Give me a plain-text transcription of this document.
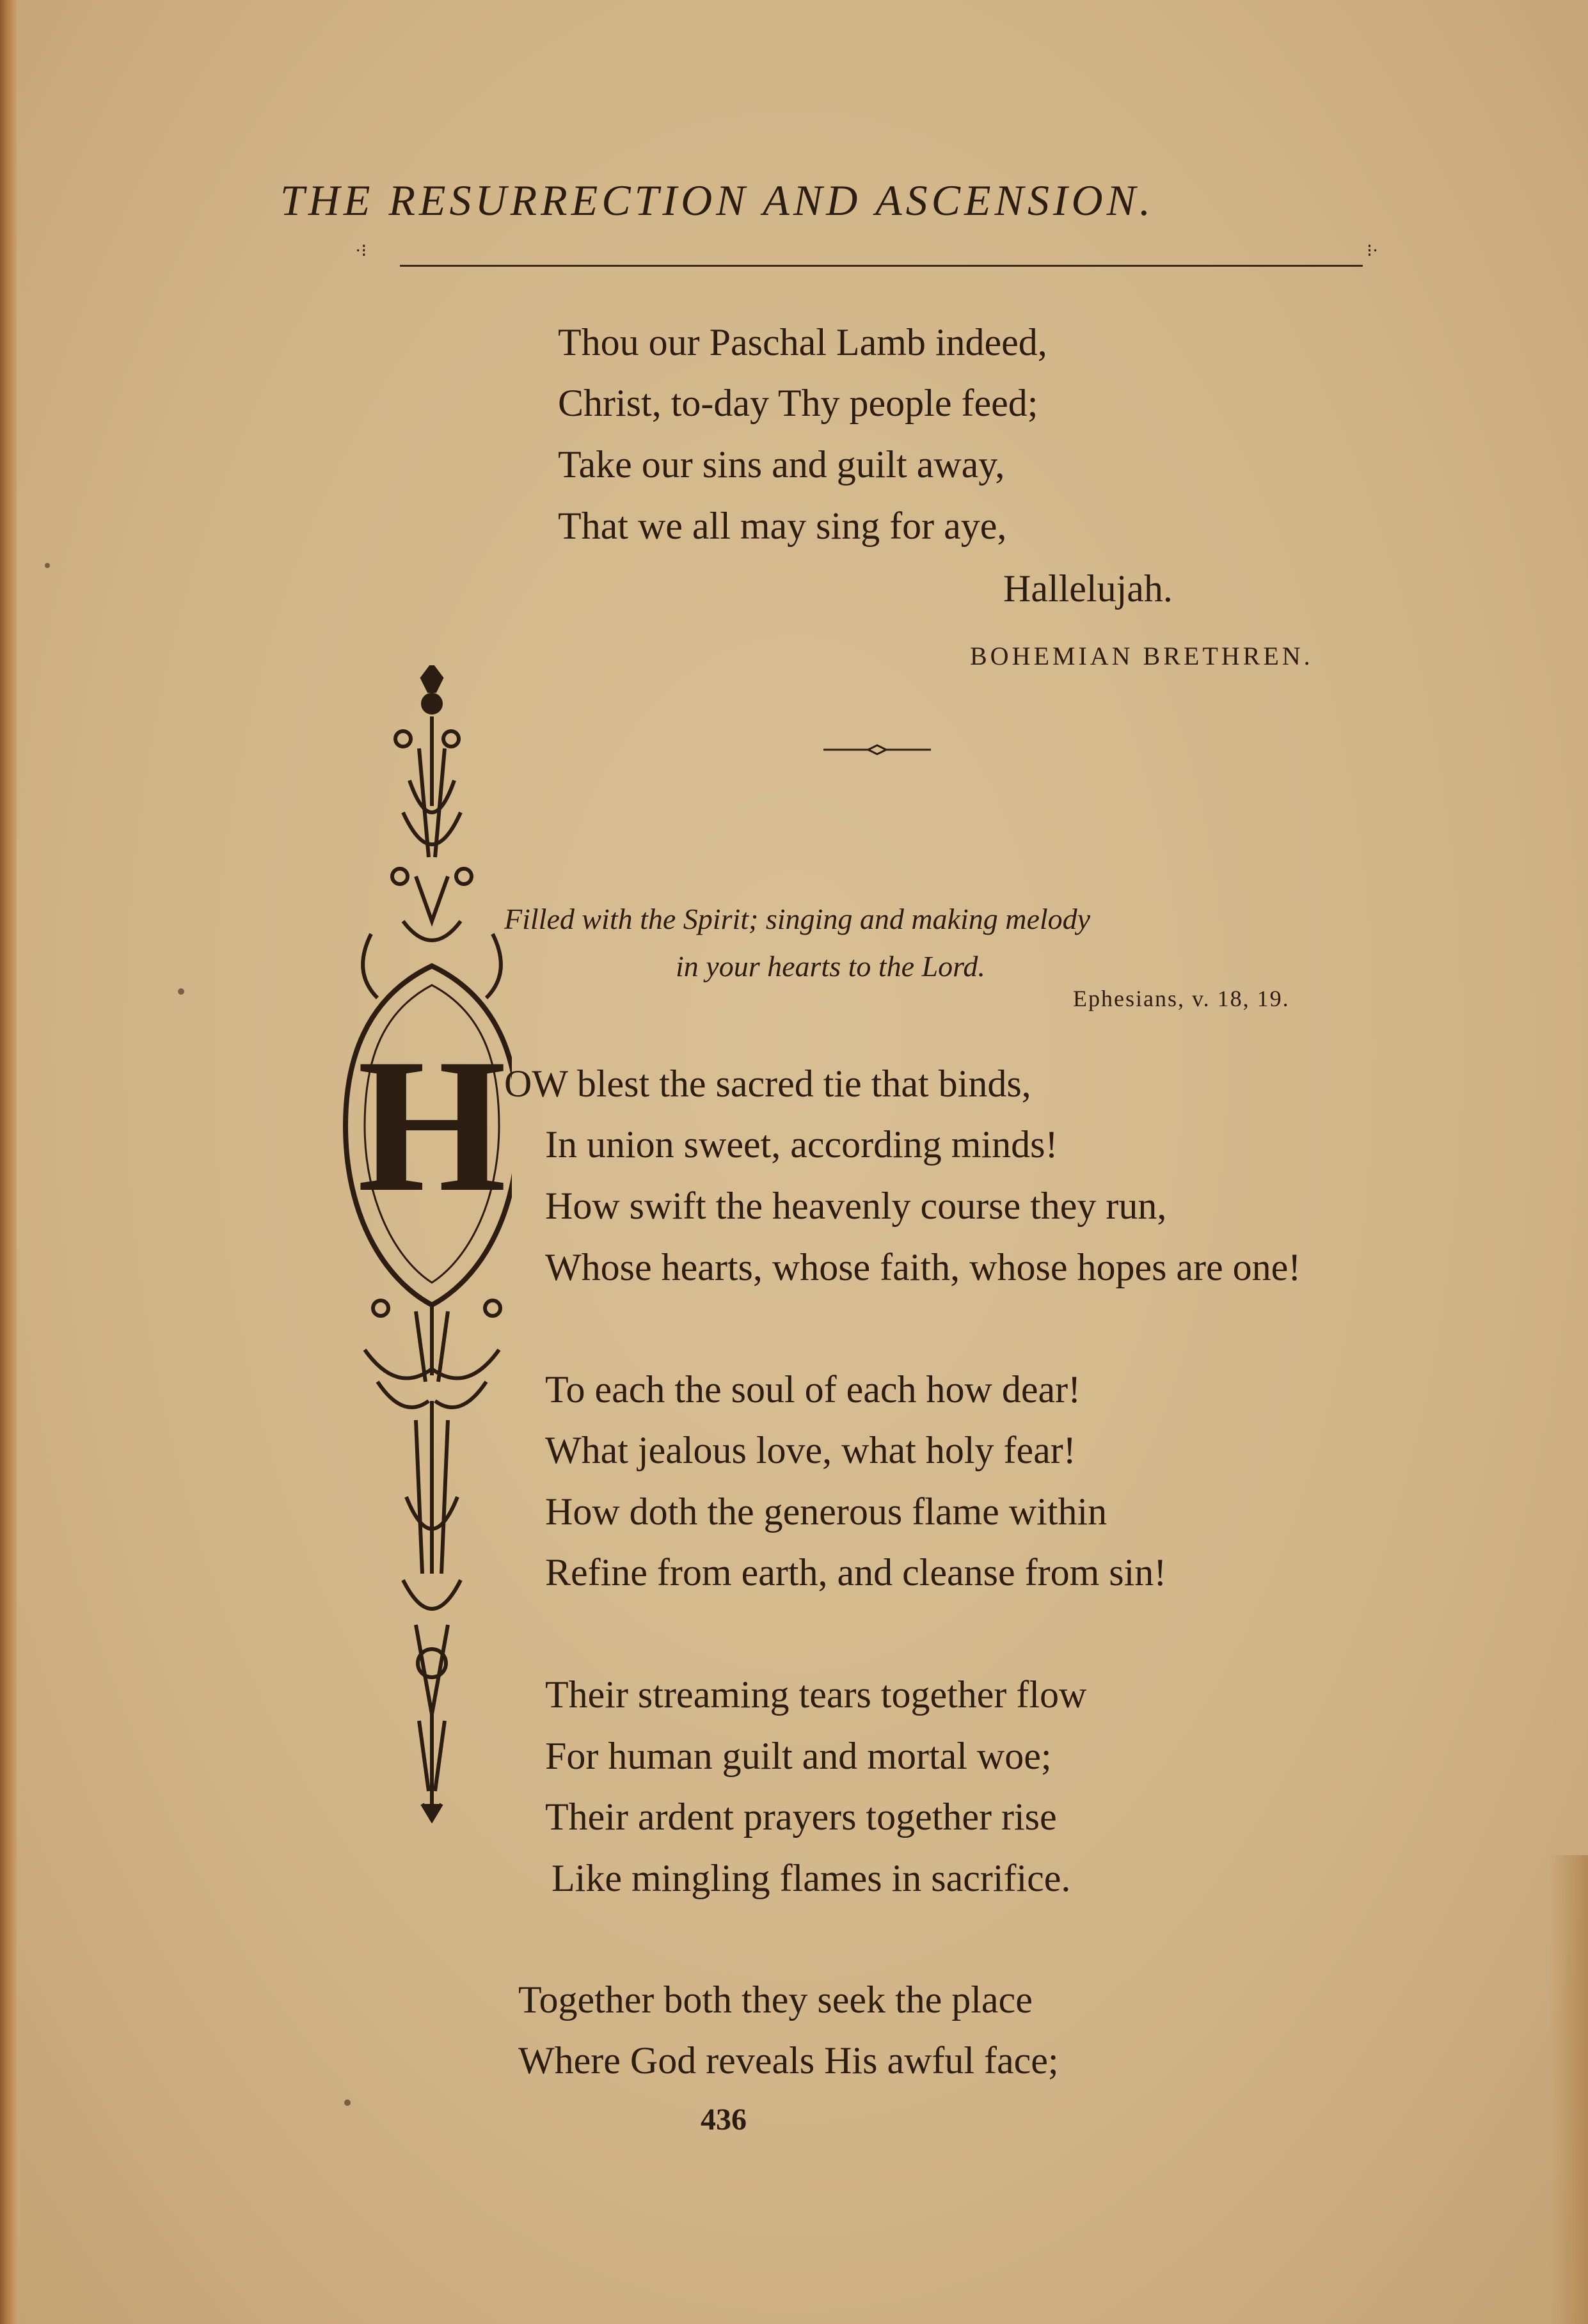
THE RESURRECTION AND ASCENSION.
·⁝	⁝·
Thou our Paschal Lamb indeed,
Christ, to-day Thy people feed;
Take our sins and guilt away,
That we all may sing for aye,
Hallelujah.
BOHEMIAN BRETHREN.
Filled with the Spirit; singing and making melody
in your hearts to the Lord.
Ephesians, v. 18, 19.
H
OW blest the sacred tie that binds,
In union sweet, according minds!
How swift the heavenly course they run,
Whose hearts, whose faith, whose hopes are one!
To each the soul of each how dear!
What jealous love, what holy fear!
How doth the generous flame within
Refine from earth, and cleanse from sin!
Their streaming tears together flow
For human guilt and mortal woe;
Their ardent prayers together rise
Like mingling flames in sacrifice.
Together both they seek the place
Where God reveals His awful face;
436
